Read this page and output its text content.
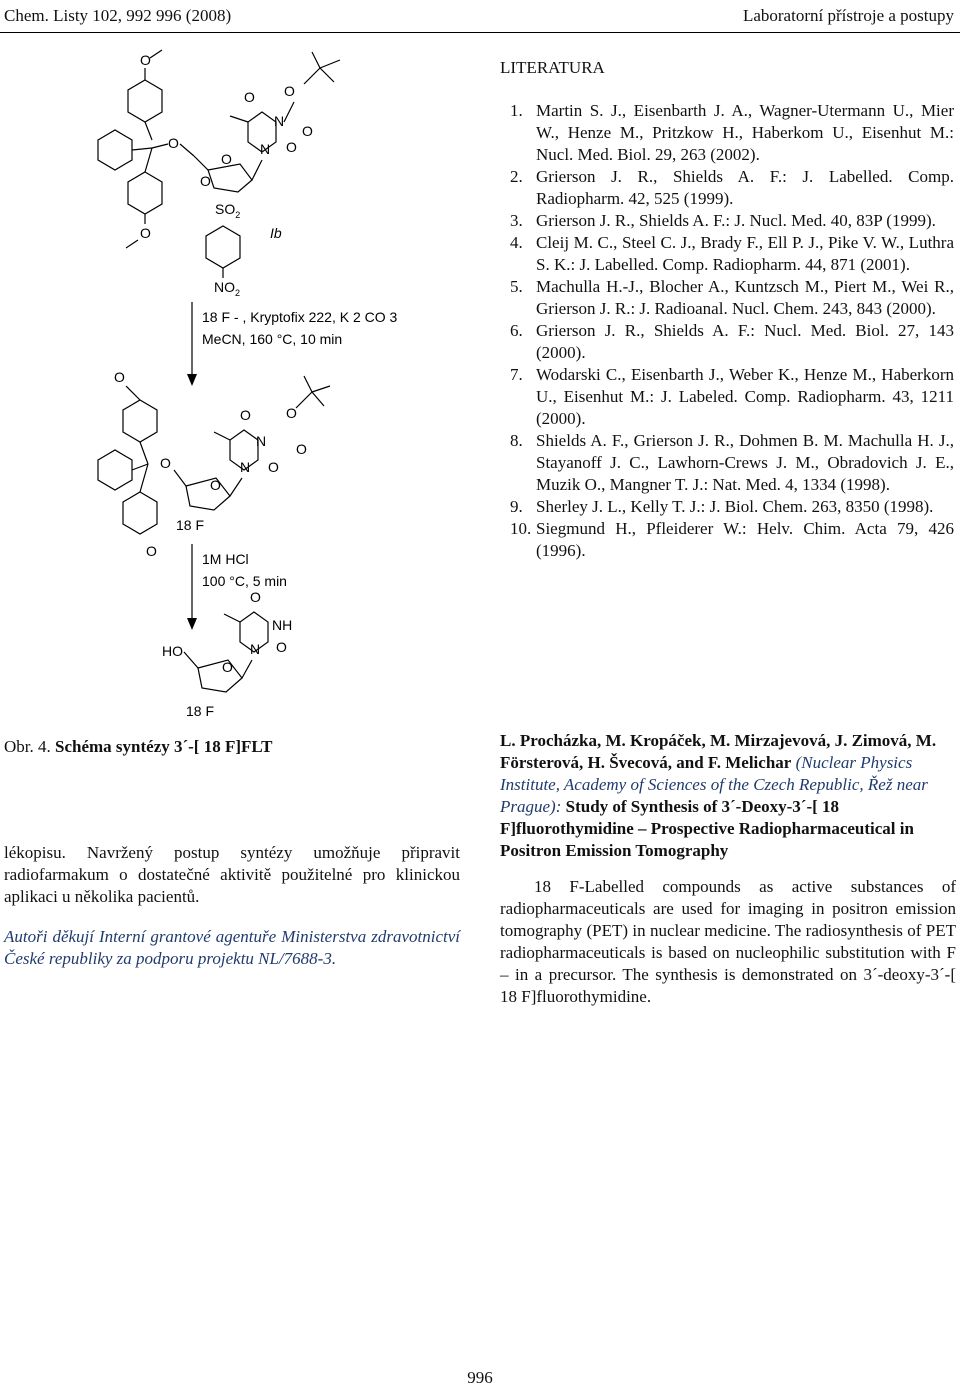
Chem. Listy 102, 992 996 (2008)	Laboratorní přístroje a postupy
O
O
O
O
O
$SO_2$
$NO_2$
Ib
N
O
O
N
O
O
18 F - , Kryptofix 222, K 2 CO 3
MeCN, 160 °C, 10 min
O
O
O
O
18 F
N
O
O
N
O
O
1M HCl
100 °C, 5 min
HO
O
18 F
N
O
O
NH
Obr. 4. Schéma syntézy 3´-[ 18 F]FLT
lékopisu. Navržený postup syntézy umožňuje připravit radiofarmakum o dostatečné aktivitě použitelné pro klinickou aplikaci u několika pacientů.
Autoři děkují Interní grantové agentuře Ministerstva zdravotnictví České republiky za podporu projektu NL/7688-3.
LITERATURA
1. Martin S. J., Eisenbarth J. A., Wagner-Utermann U., Mier W., Henze M., Pritzkow H., Haberkom U., Eisenhut M.: Nucl. Med. Biol. 29, 263 (2002).
2. Grierson J. R., Shields A. F.: J. Labelled. Comp. Radiopharm. 42, 525 (1999).
3. Grierson J. R., Shields A. F.: J. Nucl. Med. 40, 83P (1999).
4. Cleij M. C., Steel C. J., Brady F., Ell P. J., Pike V. W., Luthra S. K.: J. Labelled. Comp. Radiopharm. 44, 871 (2001).
5. Machulla H.-J., Blocher A., Kuntzsch M., Piert M., Wei R., Grierson J. R.: J. Radioanal. Nucl. Chem. 243, 843 (2000).
6. Grierson J. R., Shields A. F.: Nucl. Med. Biol. 27, 143 (2000).
7. Wodarski C., Eisenbarth J., Weber K., Henze M., Haberkorn U., Eisenhut M.: J. Labeled. Comp. Radiopharm. 43, 1211 (2000).
8. Shields A. F., Grierson J. R., Dohmen B. M. Machulla H. J., Stayanoff J. C., Lawhorn-Crews J. M., Obradovich J. E., Muzik O., Mangner T. J.: Nat. Med. 4, 1334 (1998).
9. Sherley J. L., Kelly T. J.: J. Biol. Chem. 263, 8350 (1998).
10. Siegmund H., Pfleiderer W.: Helv. Chim. Acta 79, 426 (1996).
L. Procházka, M. Kropáček, M. Mirzajevová, J. Zimová, M. Försterová, H. Švecová, and F. Melichar (Nuclear Physics Institute, Academy of Sciences of the Czech Republic, Řež near Prague): Study of Synthesis of 3´-Deoxy-3´-[ 18 F]fluorothymidine – Prospective Radiopharmaceutical in Positron Emission Tomography
18 F-Labelled compounds as active substances of radiopharmaceuticals are used for imaging in positron emission tomography (PET) in nuclear medicine. The radiosynthesis of PET radiopharmaceuticals is based on nucleophilic substitution with F – in a precursor. The synthesis is demonstrated on 3´-deoxy-3´-[ 18 F]fluorothymidine.
996
